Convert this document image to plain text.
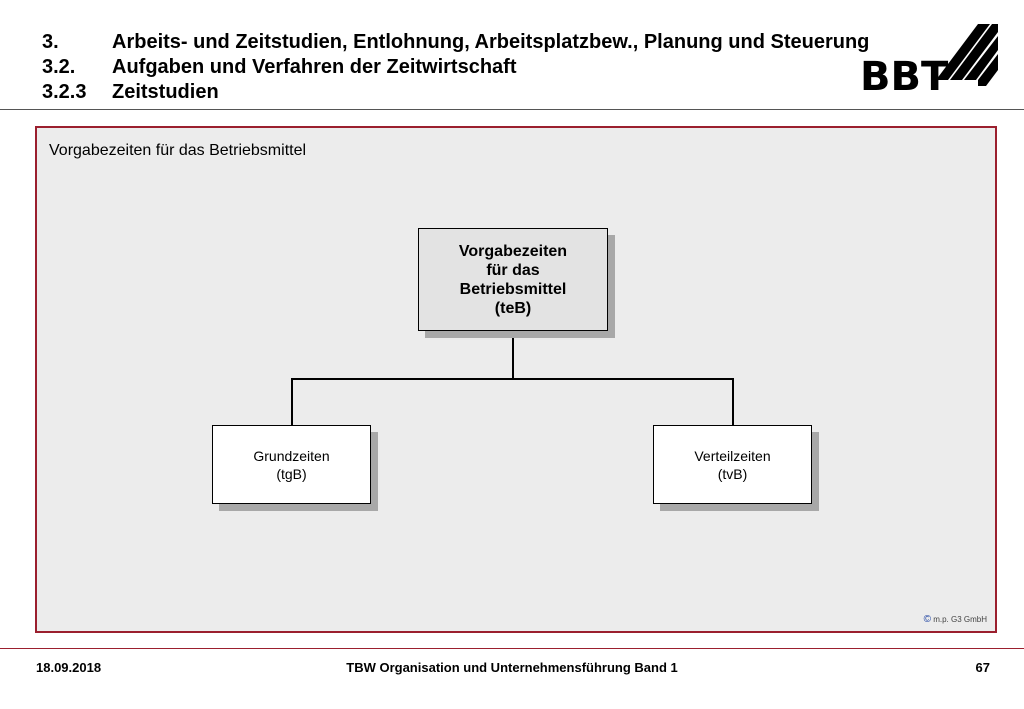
3.	Arbeits- und Zeitstudien, Entlohnung, Arbeitsplatzbew., Planung und Steuerung
3.2.	Aufgaben und Verfahren der Zeitwirtschaft
3.2.3	Zeitstudien	BBT
Vorgabezeiten für das Betriebsmittel
Vorgabezeiten
für das
Betriebsmittel
(teB)
Grundzeiten
(tgB)
Verteilzeiten
(tvB)
© m.p. G3 GmbH
TBW Organisation und Unternehmensführung Band 1
18.09.2018	67
